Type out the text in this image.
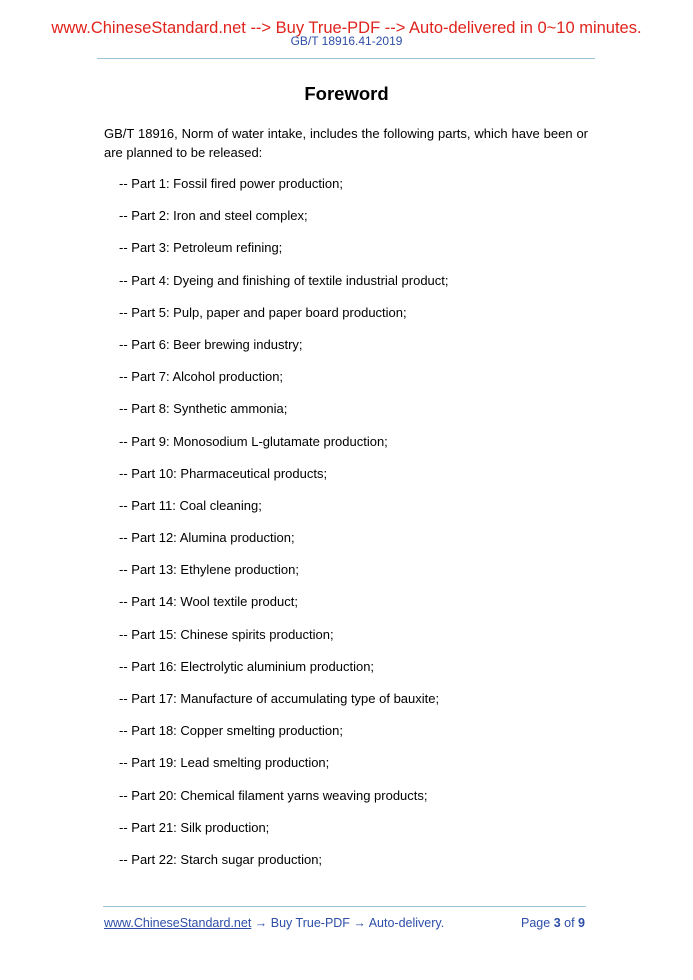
www.ChineseStandard.net --> Buy True-PDF --> Auto-delivered in 0~10 minutes.
GB/T 18916.41-2019
Foreword

GB/T 18916, Norm of water intake, includes the following parts, which have been or are planned to be released:

-- Part 1: Fossil fired power production;
-- Part 2: Iron and steel complex;
-- Part 3: Petroleum refining;
-- Part 4: Dyeing and finishing of textile industrial product;
-- Part 5: Pulp, paper and paper board production;
-- Part 6: Beer brewing industry;
-- Part 7: Alcohol production;
-- Part 8: Synthetic ammonia;
-- Part 9: Monosodium L-glutamate production;
-- Part 10: Pharmaceutical products;
-- Part 11: Coal cleaning;
-- Part 12: Alumina production;
-- Part 13: Ethylene production;
-- Part 14: Wool textile product;
-- Part 15: Chinese spirits production;
-- Part 16: Electrolytic aluminium production;
-- Part 17: Manufacture of accumulating type of bauxite;
-- Part 18: Copper smelting production;
-- Part 19: Lead smelting production;
-- Part 20: Chemical filament yarns weaving products;
-- Part 21: Silk production;
-- Part 22: Starch sugar production;
www.ChineseStandard.net → Buy True-PDF → Auto-delivery.	Page 3 of 9
